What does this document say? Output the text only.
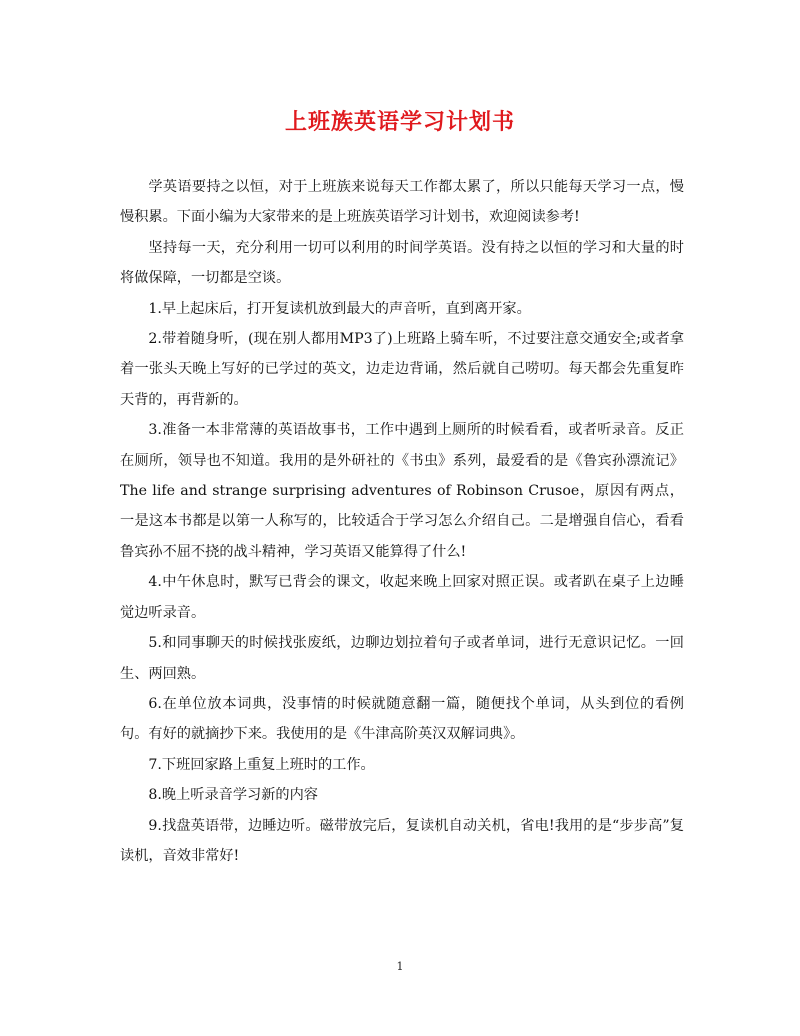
上班族英语学习计划书

学英语要持之以恒，对于上班族来说每天工作都太累了，所以只能每天学习一点，慢慢积累。下面小编为大家带来的是上班族英语学习计划书，欢迎阅读参考!

坚持每一天，充分利用一切可以利用的时间学英语。没有持之以恒的学习和大量的时将做保障，一切都是空谈。

1.早上起床后，打开复读机放到最大的声音听，直到离开家。

2.带着随身听，(现在别人都用MP3了)上班路上骑车听，不过要注意交通安全;或者拿着一张头天晚上写好的已学过的英文，边走边背诵，然后就自己唠叨。每天都会先重复昨天背的，再背新的。

3.准备一本非常薄的英语故事书，工作中遇到上厕所的时候看看，或者听录音。反正在厕所，领导也不知道。我用的是外研社的《书虫》系列，最爱看的是《鲁宾孙漂流记》The life and strange surprising adventures of Robinson Crusoe，原因有两点，一是这本书都是以第一人称写的，比较适合于学习怎么介绍自己。二是增强自信心，看看鲁宾孙不屈不挠的战斗精神，学习英语又能算得了什么!

4.中午休息时，默写已背会的课文，收起来晚上回家对照正误。或者趴在桌子上边睡觉边听录音。

5.和同事聊天的时候找张废纸，边聊边划拉着句子或者单词，进行无意识记忆。一回生、两回熟。

6.在单位放本词典，没事情的时候就随意翻一篇，随便找个单词，从头到位的看例句。有好的就摘抄下来。我使用的是《牛津高阶英汉双解词典》。

7.下班回家路上重复上班时的工作。

8.晚上听录音学习新的内容

9.找盘英语带，边睡边听。磁带放完后，复读机自动关机，省电!我用的是“步步高”复读机，音效非常好!

1
